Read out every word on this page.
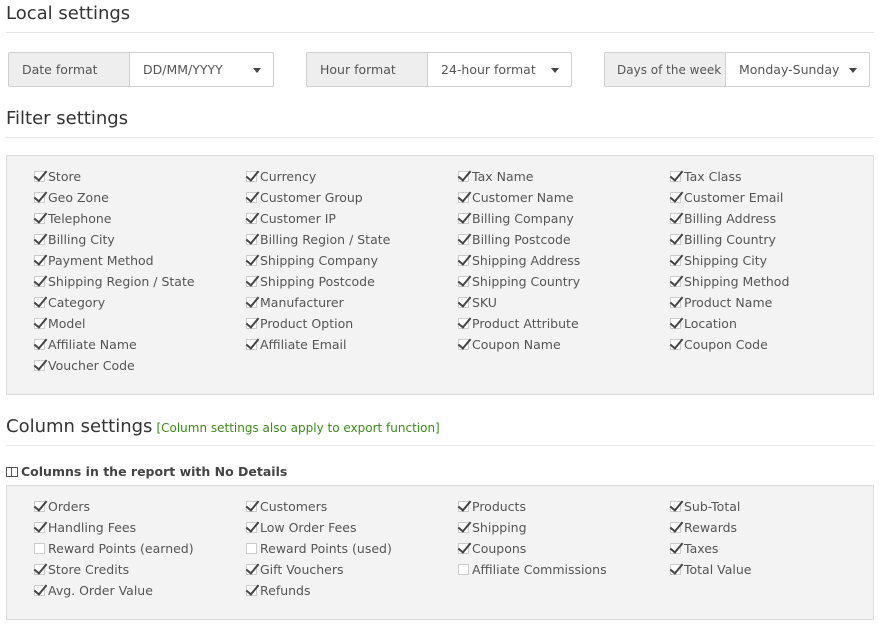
Local settings
Date format	DD/MM/YYYY	Hour format	24-hour format	Days of the week	Monday-Sunday
Filter settings
Store	Currency	Tax Name	Tax Class
Geo Zone	Customer Group	Customer Name	Customer Email
Telephone	Customer IP	Billing Company	Billing Address
Billing City	Billing Region / State	Billing Postcode	Billing Country
Payment Method	Shipping Company	Shipping Address	Shipping City
Shipping Region / State	Shipping Postcode	Shipping Country	Shipping Method
Category	Manufacturer	SKU	Product Name
Model	Product Option	Product Attribute	Location
Affiliate Name	Affiliate Email	Coupon Name	Coupon Code
Voucher Code
Column settings [Column settings also apply to export function]
Columns in the report with No Details
Orders	Customers	Products	Sub-Total
Handling Fees	Low Order Fees	Shipping	Rewards
Reward Points (earned)	Reward Points (used)	Coupons	Taxes
Store Credits	Gift Vouchers	Affiliate Commissions	Total Value
Avg. Order Value	Refunds
